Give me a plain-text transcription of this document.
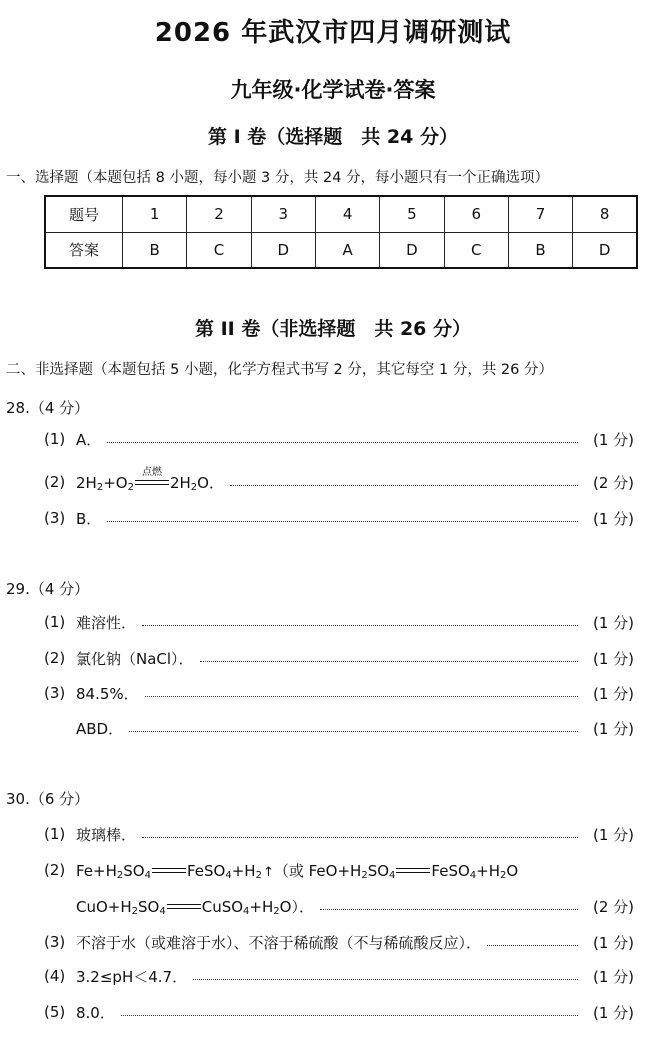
2026 年武汉市四月调研测试
九年级·化学试卷·答案
第 I 卷（选择题　共 24 分）
一、选择题（本题包括 8 小题，每小题 3 分，共 24 分，每小题只有一个正确选项）
题号	1	2	3	4	5	6	7	8
答案	B	C	D	A	D	C	B	D
第 II 卷（非选择题　共 26 分）
二、非选择题（本题包括 5 小题，化学方程式书写 2 分，其它每空 1 分，共 26 分）
28.（4 分）
(1) A．	(1 分)
(2) $2H_2+O_2$
点燃
$2H_2O$．	(2 分)
(3) B．	(1 分)
29.（4 分）
(1) 难溶性．	(1 分)
(2) 氯化钠（NaCl）．	(1 分)
(3) 84.5%．	(1 分)
ABD．	(1 分)
30.（6 分）
(1) 玻璃棒．	(1 分)
(2) $Fe+H_2SO_4$ $FeSO_4+H_2↑$（或 $FeO+H_2SO_4$ $FeSO_4+H_2O$
$CuO+H_2SO_4$ $CuSO_4+H_2O$）．	(2 分)
(3) 不溶于水（或难溶于水）、不溶于稀硫酸（不与稀硫酸反应）．	(1 分)
(4) 3.2≤pH＜4.7．	(1 分)
(5) 8.0．	(1 分)
